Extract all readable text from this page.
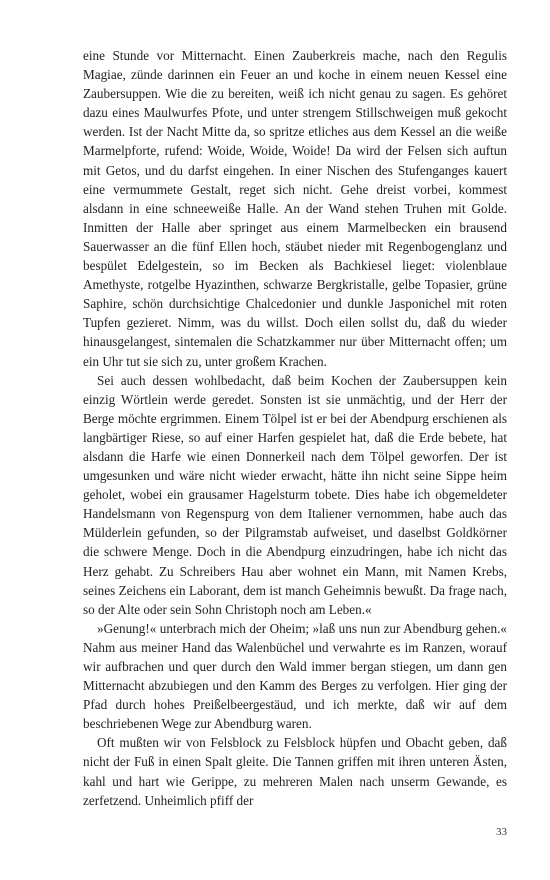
eine Stunde vor Mitternacht. Einen Zauberkreis mache, nach den Regulis Magiae, zünde darinnen ein Feuer an und koche in einem neuen Kessel eine Zaubersuppen. Wie die zu bereiten, weiß ich nicht genau zu sagen. Es gehöret dazu eines Maulwurfes Pfote, und unter strengem Stillschweigen muß gekocht werden. Ist der Nacht Mitte da, so spritze etliches aus dem Kessel an die weiße Marmelpforte, rufend: Woide, Woide, Woide! Da wird der Felsen sich auftun mit Getos, und du darfst eingehen. In einer Nischen des Stufenganges kauert eine vermummete Gestalt, reget sich nicht. Gehe dreist vorbei, kommest alsdann in eine schneeweiße Halle. An der Wand stehen Truhen mit Golde. Inmitten der Halle aber springet aus einem Marmelbecken ein brausend Sauerwasser an die fünf Ellen hoch, stäubet nieder mit Regenbogenglanz und bespület Edelgestein, so im Becken als Bachkiesel lieget: violenblaue Amethyste, rotgelbe Hyazinthen, schwarze Bergkristalle, gelbe Topasier, grüne Saphire, schön durchsichtige Chalcedonier und dunkle Jasponichel mit roten Tupfen gezieret. Nimm, was du willst. Doch eilen sollst du, daß du wieder hinausgelangest, sintemalen die Schatzkammer nur über Mitternacht offen; um ein Uhr tut sie sich zu, unter großem Krachen.

Sei auch dessen wohlbedacht, daß beim Kochen der Zaubersuppen kein einzig Wörtlein werde geredet. Sonsten ist sie unmächtig, und der Herr der Berge möchte ergrimmen. Einem Tölpel ist er bei der Abendpurg erschienen als langbärtiger Riese, so auf einer Harfen gespielet hat, daß die Erde bebete, hat alsdann die Harfe wie einen Donnerkeil nach dem Tölpel geworfen. Der ist umgesunken und wäre nicht wieder erwacht, hätte ihn nicht seine Sippe heim geholet, wobei ein grausamer Hagelsturm tobete. Dies habe ich obgemeldeter Handelsmann von Regenspurg von dem Italiener vernommen, habe auch das Mülderlein gefunden, so der Pilgramstab aufweiset, und daselbst Goldkörner die schwere Menge. Doch in die Abendpurg einzudringen, habe ich nicht das Herz gehabt. Zu Schreibers Hau aber wohnet ein Mann, mit Namen Krebs, seines Zeichens ein Laborant, dem ist manch Geheimnis bewußt. Da frage nach, so der Alte oder sein Sohn Christoph noch am Leben.«

»Genung!« unterbrach mich der Oheim; »laß uns nun zur Abendburg gehen.« Nahm aus meiner Hand das Walenbüchel und verwahrte es im Ranzen, worauf wir aufbrachen und quer durch den Wald immer bergan stiegen, um dann gen Mitternacht abzubiegen und den Kamm des Berges zu verfolgen. Hier ging der Pfad durch hohes Preißelbeergestäud, und ich merkte, daß wir auf dem beschriebenen Wege zur Abendburg waren.

Oft mußten wir von Felsblock zu Felsblock hüpfen und Obacht geben, daß nicht der Fuß in einen Spalt gleite. Die Tannen griffen mit ihren unteren Ästen, kahl und hart wie Gerippe, zu mehreren Malen nach unserm Gewande, es zerfetzend. Unheimlich pfiff der

33
